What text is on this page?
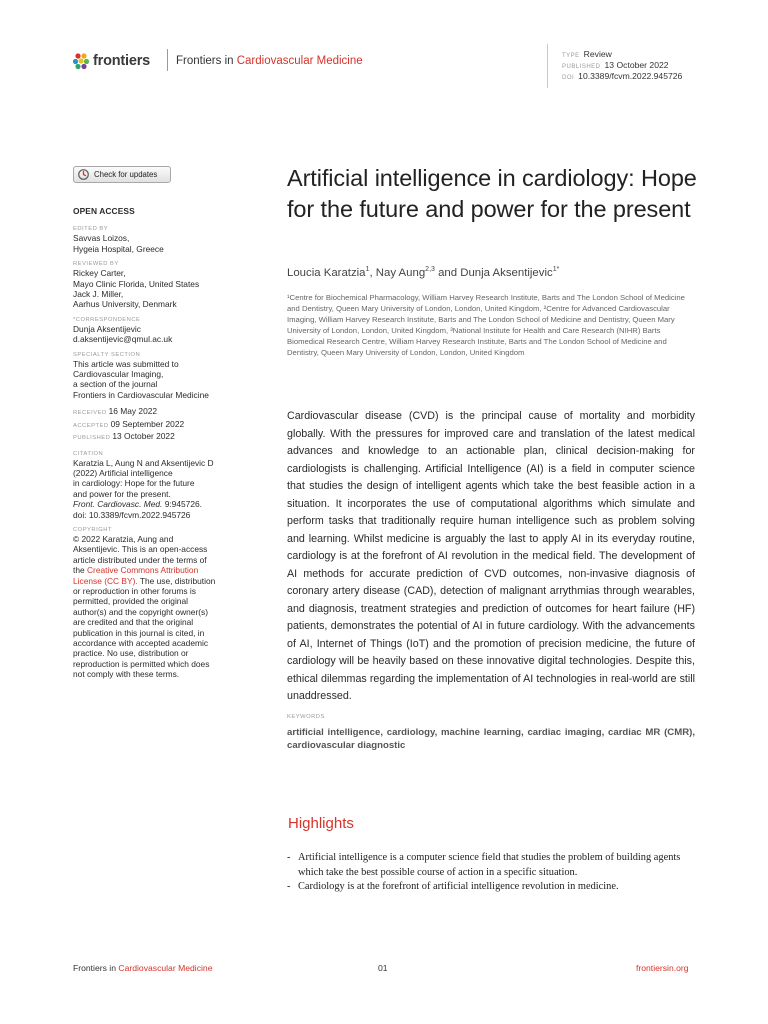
frontiers Frontiers in Cardiovascular Medicine	TYPE Review
PUBLISHED 13 October 2022
DOI 10.3389/fcvm.2022.945726
Check for updates
OPEN ACCESS
EDITED BY
Savvas Loizos,
Hygeia Hospital, Greece
REVIEWED BY
Rickey Carter,
Mayo Clinic Florida, United States
Jack J. Miller,
Aarhus University, Denmark
*CORRESPONDENCE
Dunja Aksentijevic
d.aksentijevic@qmul.ac.uk
SPECIALTY SECTION
This article was submitted to
Cardiovascular Imaging,
a section of the journal
Frontiers in Cardiovascular Medicine
RECEIVED 16 May 2022
ACCEPTED 09 September 2022
PUBLISHED 13 October 2022
CITATION
Karatzia L, Aung N and Aksentijevic D
(2022) Artificial intelligence
in cardiology: Hope for the future
and power for the present.
Front. Cardiovasc. Med. 9:945726.
doi: 10.3389/fcvm.2022.945726
COPYRIGHT
© 2022 Karatzia, Aung and
Aksentijevic. This is an open-access
article distributed under the terms of
the Creative Commons Attribution
License (CC BY). The use, distribution
or reproduction in other forums is
permitted, provided the original
author(s) and the copyright owner(s)
are credited and that the original
publication in this journal is cited, in
accordance with accepted academic
practice. No use, distribution or
reproduction is permitted which does
not comply with these terms.
Artificial intelligence in cardiology: Hope for the future and power for the present
Loucia Karatzia$^1$, Nay Aung$^{2,3}$ and Dunja Aksentijevic$^{1*}$
¹Centre for Biochemical Pharmacology, William Harvey Research Institute, Barts and The London School of Medicine and Dentistry, Queen Mary University of London, London, United Kingdom, ²Centre for Advanced Cardiovascular Imaging, William Harvey Research Institute, Barts and The London School of Medicine and Dentistry, Queen Mary University of London, London, United Kingdom, ³National Institute for Health and Care Research (NIHR) Barts Biomedical Research Centre, William Harvey Research Institute, Barts and The London School of Medicine and Dentistry, Queen Mary University of London, London, United Kingdom
Cardiovascular disease (CVD) is the principal cause of mortality and morbidity globally. With the pressures for improved care and translation of the latest medical advances and knowledge to an actionable plan, clinical decision-making for cardiologists is challenging. Artificial Intelligence (AI) is a field in computer science that studies the design of intelligent agents which take the best feasible action in a situation. It incorporates the use of computational algorithms which simulate and perform tasks that traditionally require human intelligence such as problem solving and learning. Whilst medicine is arguably the last to apply AI in its everyday routine, cardiology is at the forefront of AI revolution in the medical field. The development of AI methods for accurate prediction of CVD outcomes, non-invasive diagnosis of coronary artery disease (CAD), detection of malignant arrythmias through wearables, and diagnosis, treatment strategies and prediction of outcomes for heart failure (HF) patients, demonstrates the potential of AI in future cardiology. With the advancements of AI, Internet of Things (IoT) and the promotion of precision medicine, the future of cardiology will be heavily based on these innovative digital technologies. Despite this, ethical dilemmas regarding the implementation of AI technologies in real-world are still unaddressed.
KEYWORDS
artificial intelligence, cardiology, machine learning, cardiac imaging, cardiac MR (CMR), cardiovascular diagnostic
Highlights
- Artificial intelligence is a computer science field that studies the problem of building agents which take the best possible course of action in a specific situation.
- Cardiology is at the forefront of artificial intelligence revolution in medicine.
Frontiers in Cardiovascular Medicine	01	frontiersin.org
